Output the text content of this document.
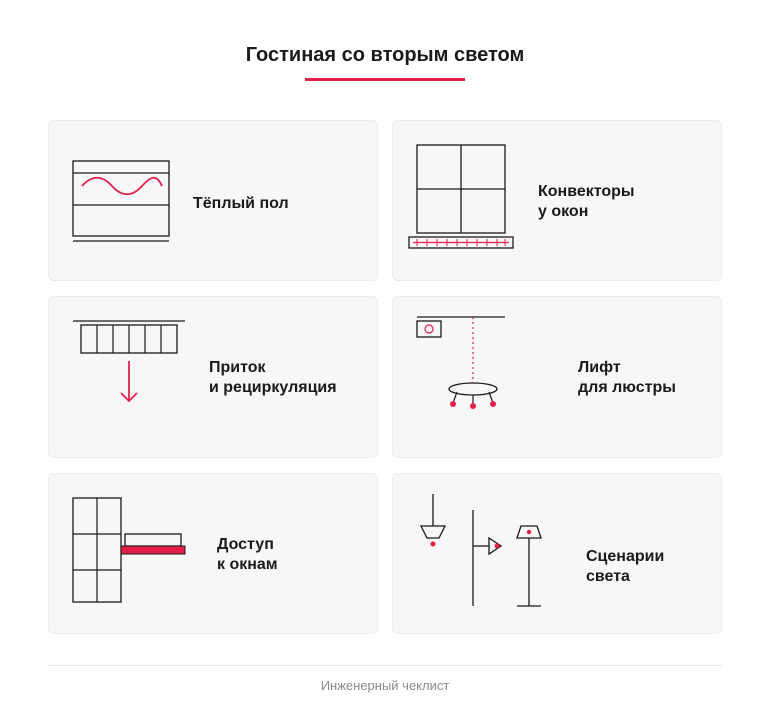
Гостиная со вторым светом
Тёплый пол
Конвекторы
у окон
Приток
и рециркуляция
Лифт
для люстры
Доступ
к окнам	Сценарии
света
Инженерный чеклист
